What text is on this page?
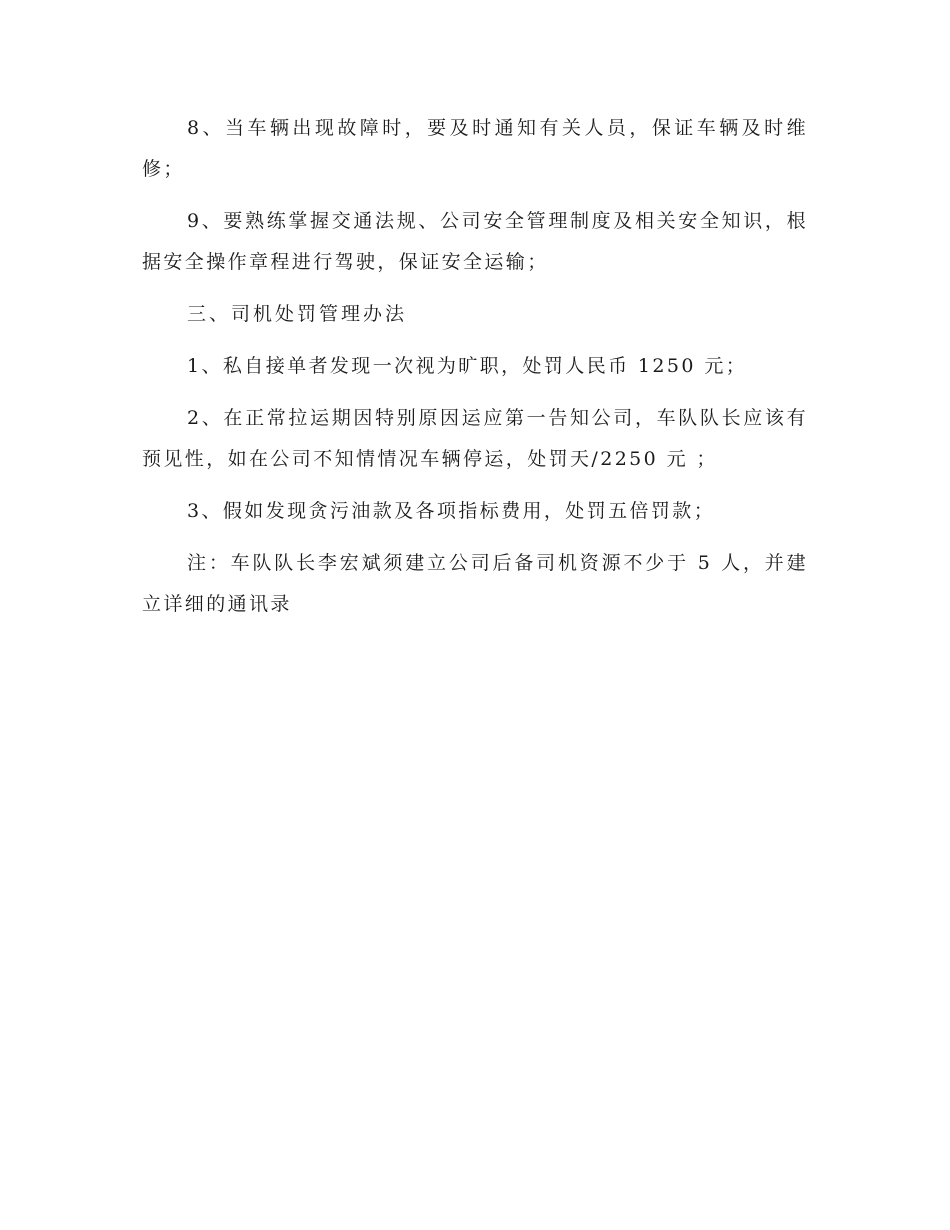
8、当车辆出现故障时，要及时通知有关人员，保证车辆及时维修；

9、要熟练掌握交通法规、公司安全管理制度及相关安全知识，根据安全操作章程进行驾驶，保证安全运输；

三、司机处罚管理办法

1、私自接单者发现一次视为旷职，处罚人民币 1250 元；

2、在正常拉运期因特别原因运应第一告知公司，车队队长应该有预见性，如在公司不知情情况车辆停运，处罚天/2250 元 ；

3、假如发现贪污油款及各项指标费用，处罚五倍罚款；

注：车队队长李宏斌须建立公司后备司机资源不少于 5 人，并建立详细的通讯录
